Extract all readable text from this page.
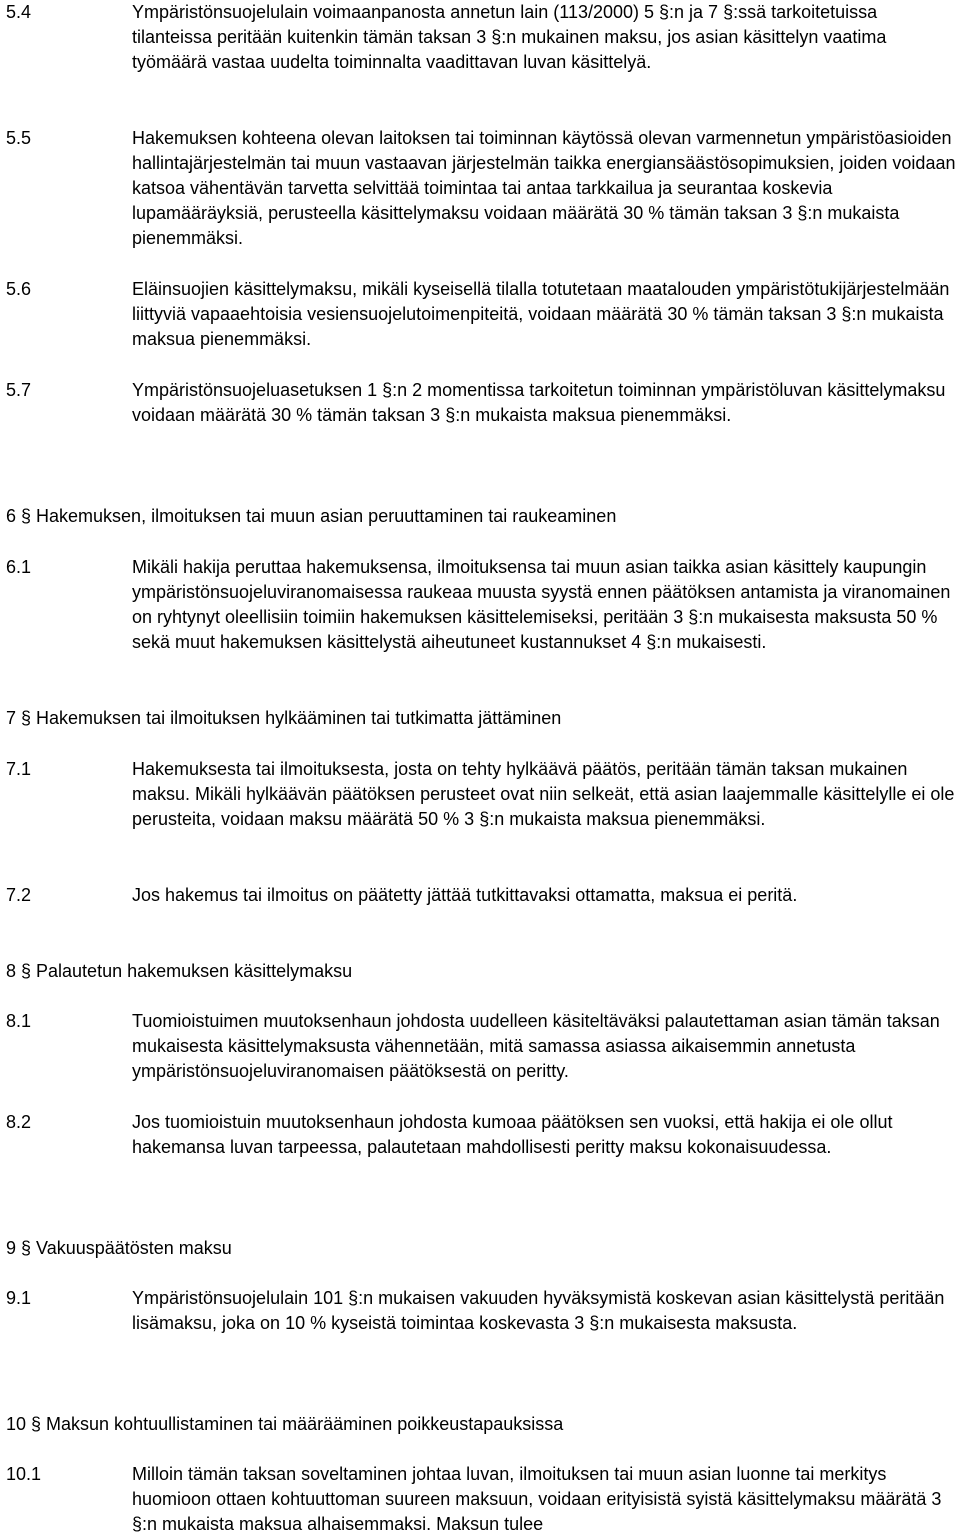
5.4	Ympäristönsuojelulain voimaanpanosta annetun lain (113/2000) 5 §:n ja 7 §:ssä tarkoitetuissa tilanteissa peritään kuitenkin tämän taksan 3 §:n mukainen maksu, jos asian käsittelyn vaatima työmäärä vastaa uudelta toiminnalta vaadittavan luvan käsittelyä.
5.5	Hakemuksen kohteena olevan laitoksen tai toiminnan käytössä olevan varmennetun ympäristöasioiden hallintajärjestelmän tai muun vastaavan järjestelmän taikka energiansäästösopimuksien, joiden voidaan katsoa vähentävän tarvetta selvittää toimintaa tai antaa tarkkailua ja seurantaa koskevia lupamääräyksiä, perusteella käsittelymaksu voidaan määrätä 30 % tämän taksan 3 §:n mukaista pienemmäksi.
5.6	Eläinsuojien käsittelymaksu, mikäli kyseisellä tilalla totutetaan maatalouden ympäristötukijärjestelmään liittyviä vapaaehtoisia vesiensuojelutoimenpiteitä, voidaan määrätä 30 % tämän taksan 3 §:n mukaista maksua pienemmäksi.
5.7	Ympäristönsuojeluasetuksen 1 §:n 2 momentissa tarkoitetun toiminnan ympäristöluvan käsittelymaksu voidaan määrätä 30 % tämän taksan 3 §:n mukaista maksua pienemmäksi.
6 § Hakemuksen, ilmoituksen tai muun asian peruuttaminen tai raukeaminen
6.1	Mikäli hakija peruttaa hakemuksensa, ilmoituksensa tai muun asian taikka asian käsittely kaupungin ympäristönsuojeluviranomaisessa raukeaa muusta syystä ennen päätöksen antamista ja viranomainen on ryhtynyt oleellisiin toimiin hakemuksen käsittelemiseksi, peritään 3 §:n mukaisesta maksusta 50 % sekä muut hakemuksen käsittelystä aiheutuneet kustannukset 4 §:n mukaisesti.
7 § Hakemuksen tai ilmoituksen hylkääminen tai tutkimatta jättäminen
7.1	Hakemuksesta tai ilmoituksesta, josta on tehty hylkäävä päätös, peritään tämän taksan mukainen maksu. Mikäli hylkäävän päätöksen perusteet ovat niin selkeät, että asian laajemmalle käsittelylle ei ole perusteita, voidaan maksu määrätä 50 % 3 §:n mukaista maksua pienemmäksi.
7.2	Jos hakemus tai ilmoitus on päätetty jättää tutkittavaksi ottamatta, maksua ei peritä.
8 § Palautetun hakemuksen käsittelymaksu
8.1	Tuomioistuimen muutoksenhaun johdosta uudelleen käsiteltäväksi palautettaman asian tämän taksan mukaisesta käsittelymaksusta vähennetään, mitä samassa asiassa aikaisemmin annetusta ympäristönsuojeluviranomaisen päätöksestä on peritty.
8.2	Jos tuomioistuin muutoksenhaun johdosta kumoaa päätöksen sen vuoksi, että hakija ei ole ollut hakemansa luvan tarpeessa, palautetaan mahdollisesti peritty maksu kokonaisuudessa.
9 § Vakuuspäätösten maksu
9.1	Ympäristönsuojelulain 101 §:n mukaisen vakuuden hyväksymistä koskevan asian käsittelystä peritään lisämaksu, joka on 10 % kyseistä toimintaa koskevasta 3 §:n mukaisesta maksusta.
10 § Maksun kohtuullistaminen tai määrääminen poikkeustapauksissa
10.1	Milloin tämän taksan soveltaminen johtaa luvan, ilmoituksen tai muun asian luonne tai merkitys huomioon ottaen kohtuuttoman suureen maksuun, voidaan erityisistä syistä käsittelymaksu määrätä 3 §:n mukaista maksua alhaisemmaksi. Maksun tulee
